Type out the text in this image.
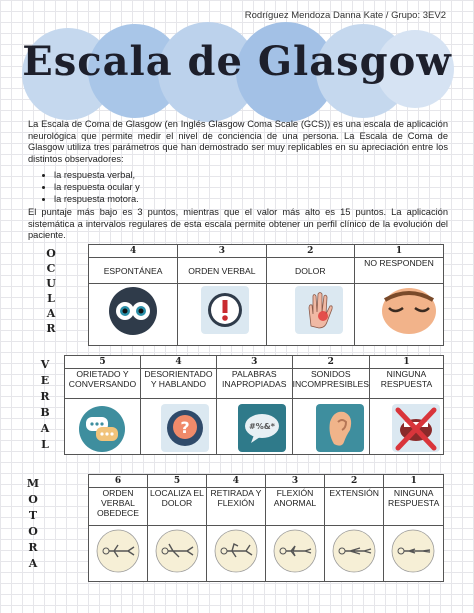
Rodríguez Mendoza Danna Kate / Grupo: 3EV2
Escala de Glasgow
La Escala de Coma de Glasgow (en Inglés Glasgow Coma Scale (GCS)) es una escala de aplicación neurológica que permite medir el nivel de conciencia de una persona. La Escala de Coma de Glasgow utiliza tres parámetros que han demostrado ser muy replicables en su apreciación entre los distintos observadores:
• la respuesta verbal,
• la respuesta ocular y
• la respuesta motora.
El puntaje más bajo es 3 puntos, mientras que el valor más alto es 15 puntos. La aplicación sistemática a intervalos regulares de esta escala permite obtener un perfil clínico de la evolución del paciente.
O
C
U
L
A
R
4	3	2	1
ESPONTÁNEA	ORDEN VERBAL	DOLOR	NO RESPONDEN

V
E
R
B
A
L
5	4	3	2	1
ORIETADO Y CONVERSANDO	DESORIENTADO Y HABLANDO	PALABRAS INAPROPIADAS	SONIDOS INCOMPRESIBLES	NINGUNA RESPUESTA

?	#%&*
M
O
T
O
R
A
6	5	4	3	2	1
ORDEN VERBAL OBEDECE	LOCALIZA EL DOLOR	RETIRADA Y FLEXIÓN	FLEXIÓN ANORMAL	EXTENSIÓN	NINGUNA RESPUESTA
